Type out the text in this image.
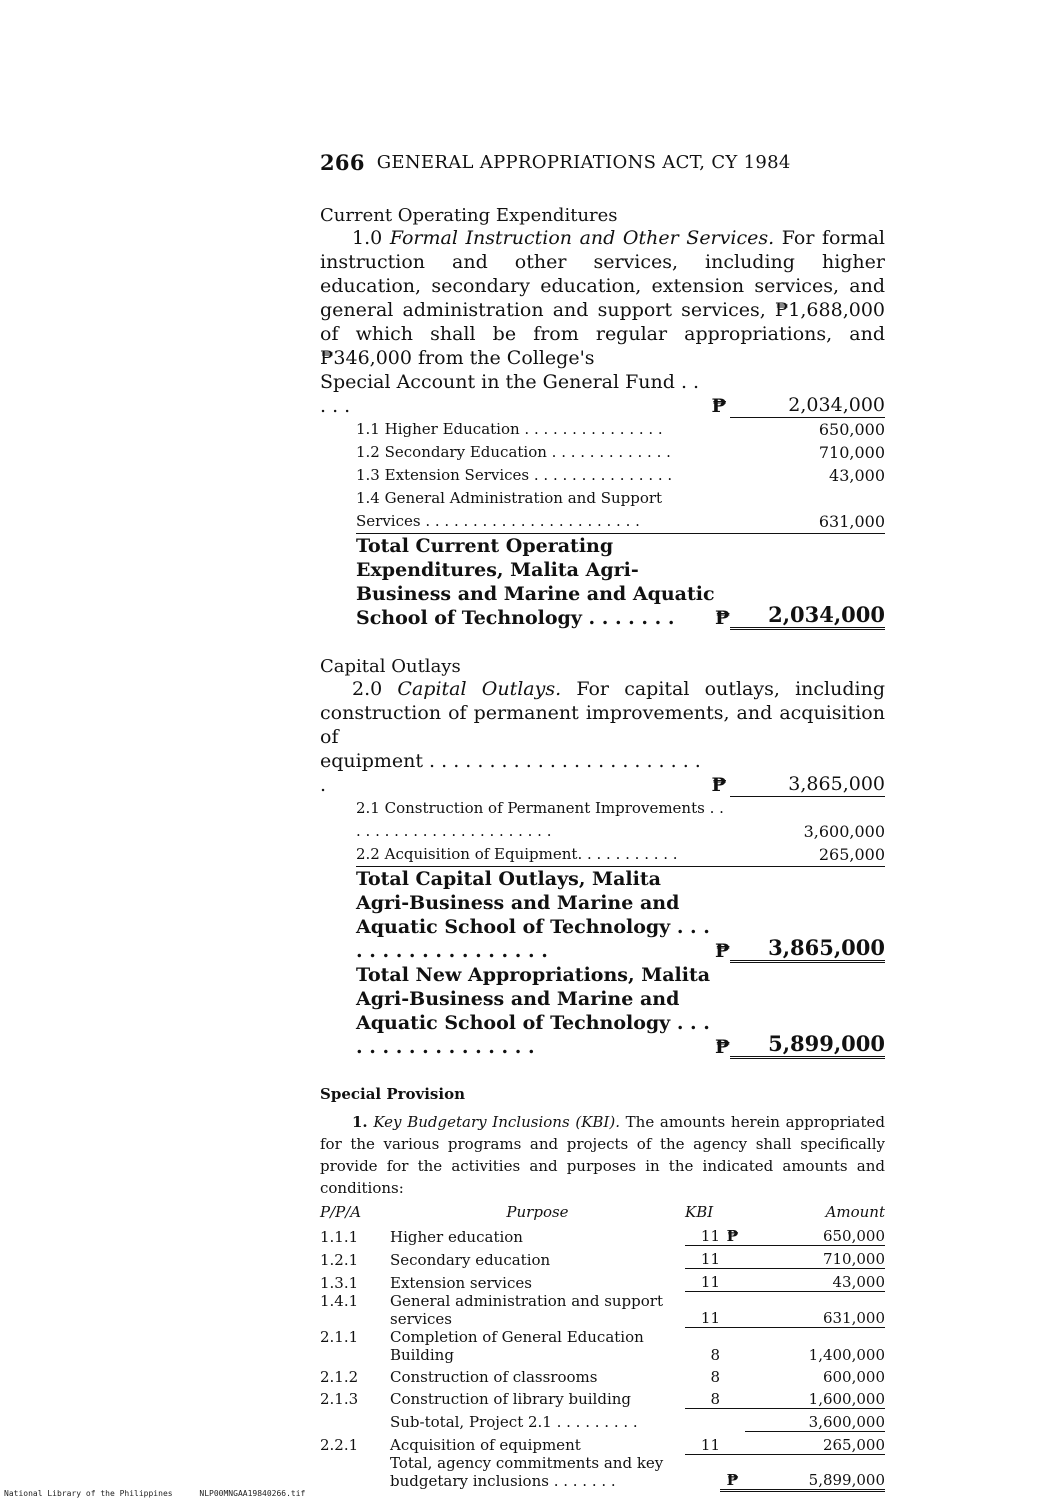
266 GENERAL APPROPRIATIONS ACT, CY 1984

Current Operating Expenditures

1.0 Formal Instruction and Other Services. For formal instruction and other services, including higher education, secondary education, extension services, and general administration and support services, ₱1,688,000 of which shall be from regular appropriations, and ₱346,000 from the College's

Special Account in the General Fund . . . . .	₱	2,034,000
1.1 Higher Education . . . . . . . . . . . . . . .	650,000
1.2 Secondary Education . . . . . . . . . . . . .	710,000
1.3 Extension Services . . . . . . . . . . . . . . .	43,000
1.4 General Administration and Support Services . . . . . . . . . . . . . . . . . . . . . . .	631,000
Total Current Operating Expenditures, Malita Agri-Business and Marine and Aquatic School of Technology . . . . . . .	₱	2,034,000

Capital Outlays

2.0 Capital Outlays. For capital outlays, including construction of permanent improvements, and acquisition of

equipment . . . . . . . . . . . . . . . . . . . . . . . .	₱	3,865,000
2.1 Construction of Permanent Improvements . . . . . . . . . . . . . . . . . . . . . . .	3,600,000
2.2 Acquisition of Equipment. . . . . . . . . . .	265,000
Total Capital Outlays, Malita Agri-Business and Marine and Aquatic School of Technology . . . . . . . . . . . . . . . . . .	₱	3,865,000
Total New Appropriations, Malita Agri-Business and Marine and Aquatic School of Technology . . . . . . . . . . . . . . . . .	₱	5,899,000

Special Provision

1. Key Budgetary Inclusions (KBI). The amounts herein appropriated for the various programs and projects of the agency shall specifically provide for the activities and purposes in the indicated amounts and conditions:

P/P/A	Purpose	KBI		Amount
1.1.1	Higher education	11	₱	650,000
1.2.1	Secondary education	11		710,000
1.3.1	Extension services	11		43,000
1.4.1	General administration and support services	11		631,000
2.1.1	Completion of General Education Building	8		1,400,000
2.1.2	Construction of classrooms	8		600,000
2.1.3	Construction of library building	8		1,600,000
	Sub-total, Project 2.1 . . . . . . . . .			3,600,000
2.2.1	Acquisition of equipment	11		265,000
	Total, agency commitments and key budgetary inclusions . . . . . . .		₱	5,899,000
National Library of the Philippines	NLP00MNGAA19840266.tif
